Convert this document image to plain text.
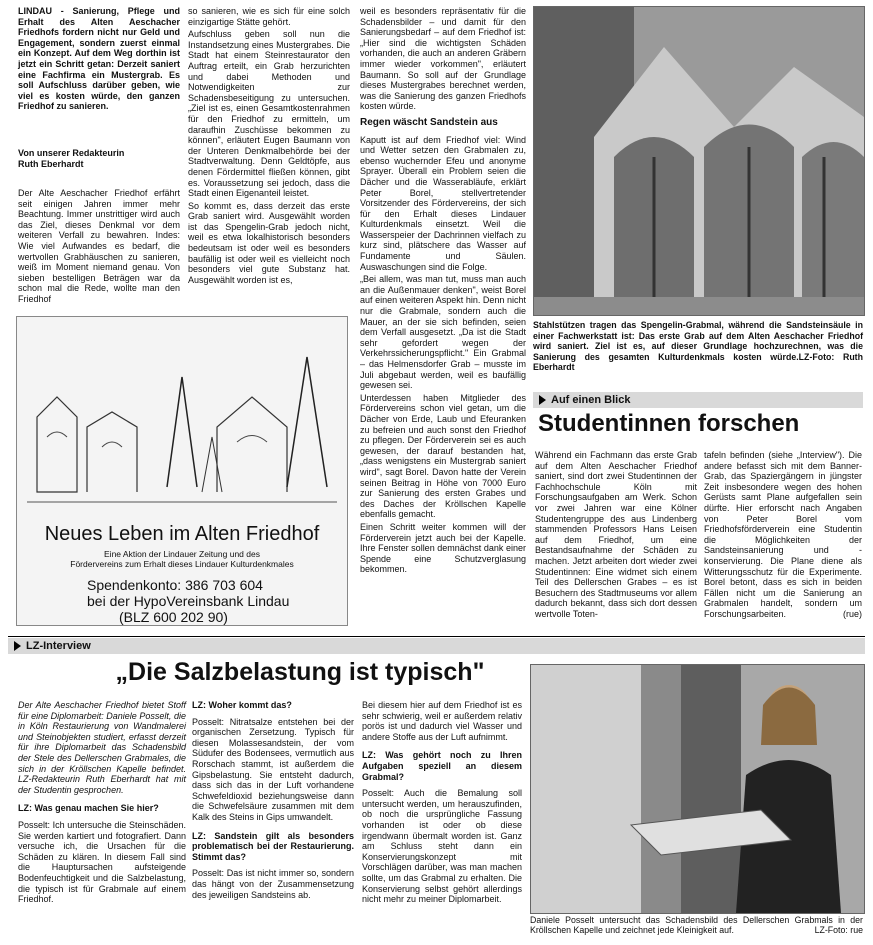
LINDAU - Sanierung, Pflege und Erhalt des Alten Aeschacher Friedhofs fordern nicht nur Geld und Engagement, sondern zuerst einmal ein Konzept. Auf dem Weg dorthin ist jetzt ein Schritt getan: Derzeit saniert eine Fachfirma ein Mustergrab. Es soll Aufschluss darüber geben, wie viel es kosten würde, den ganzen Friedhof zu sanieren.
Von unserer Redakteurin
Ruth Eberhardt
Der Alte Aeschacher Friedhof erfährt seit einigen Jahren immer mehr Beachtung. Immer unstrittiger wird auch das Ziel, dieses Denkmal vor dem weiteren Verfall zu bewahren. Indes: Wie viel Aufwandes es bedarf, die wertvollen Grabhäuschen zu sanieren, weiß im Moment niemand genau. Von sieben bestelligen Beträgen war da schon mal die Rede, wollte man den Friedhof

so sanieren, wie es sich für eine solch einzigartige Stätte gehört.

Aufschluss geben soll nun die Instandsetzung eines Mustergrabes. Die Stadt hat einem Steinrestaurator den Auftrag erteilt, ein Grab herzurichten und dabei Methoden und Notwendigkeiten zur Schadensbeseitigung zu untersuchen. „Ziel ist es, einen Gesamtkostenrahmen für den Friedhof zu ermitteln, um daraufhin Zuschüsse bekommen zu können", erläutert Eugen Baumann von der Unteren Denkmalbehörde bei der Stadtverwaltung. Denn Geldtöpfe, aus denen Fördermittel fließen können, gibt es. Voraussetzung sei jedoch, dass die Stadt einen Eigenanteil leistet.

So kommt es, dass derzeit das erste Grab saniert wird. Ausgewählt worden ist das Spengelin-Grab jedoch nicht, weil es etwa lokalhistorisch besonders bedeutsam ist oder weil es besonders baufällig ist oder weil es vielleicht noch besonders viel gute Substanz hat. Ausgewählt worden ist es,

weil es besonders repräsentativ für die Schadensbilder – und damit für den Sanierungsbedarf – auf dem Friedhof ist: „Hier sind die wichtigsten Schäden vorhanden, die auch an anderen Gräbern immer wieder vorkommen", erläutert Baumann. So soll auf der Grundlage dieses Mustergrabes berechnet werden, was die Sanierung des ganzen Friedhofs kosten würde.

Regen wäscht Sandstein aus

Kaputt ist auf dem Friedhof viel: Wind und Wetter setzen den Grabmalen zu, ebenso wuchernder Efeu und anonyme Sprayer. Überall ein Problem seien die Dächer und die Wasserabläufe, erklärt Peter Borel, stellvertretender Vorsitzender des Fördervereins, der sich für den Erhalt dieses Lindauer Kulturdenkmals einsetzt. Weil die Wasserspeier der Dachrinnen vielfach zu kurz sind, plätschere das Wasser auf Fundamente und Säulen. Auswaschungen sind die Folge.

„Bei allem, was man tut, muss man auch an die Außenmauer denken", weist Borel auf einen weiteren Aspekt hin. Denn nicht nur die Grabmale, sondern auch die Mauer, an der sie sich befinden, seien dem Verfall ausgesetzt. „Da ist die Stadt sehr gefordert wegen der Verkehrssicherungspflicht." Ein Grabmal – das Helmensdorfer Grab – musste im Juli abgebaut werden, weil es baufällig gewesen sei.

Unterdessen haben Mitglieder des Fördervereins schon viel getan, um die Dächer von Erde, Laub und Efeuranken zu befreien und auch sonst den Friedhof zu pflegen. Der Förderverein sei es auch gewesen, der darauf bestanden hat, „dass wenigstens ein Mustergrab saniert wird", sagt Borel. Davon hatte der Verein seinen Beitrag in Höhe von 7000 Euro zur Sanierung des ersten Grabes und des Daches der Kröllschen Kapelle ebenfalls gemacht.

Einen Schritt weiter kommen will der Förderverein jetzt auch bei der Kapelle. Ihre Fenster sollen demnächst dank einer Spende eine Schutzverglasung bekommen.

Neues Leben im Alten Friedhof
Eine Aktion der Lindauer Zeitung und des
Fördervereins zum Erhalt dieses Lindauer Kulturdenkmales
Spendenkonto: 386 703 604
bei der HypoVereinsbank Lindau
(BLZ 600 202 90)
Stahlstützen tragen das Spengelin-Grabmal, während die Sandsteinsäule in einer Fachwerkstatt ist: Das erste Grab auf dem Alten Aeschacher Friedhof wird saniert. Ziel ist es, auf dieser Grundlage hochzurechnen, was die Sanierung des gesamten Kulturdenkmals kosten würde.LZ-Foto: Ruth Eberhardt
Auf einen Blick
Studentinnen forschen
Während ein Fachmann das erste Grab auf dem Alten Aeschacher Friedhof saniert, sind dort zwei Studentinnen der Fachhochschule Köln mit Forschungsaufgaben am Werk. Schon vor zwei Jahren war eine Kölner Studentengruppe des aus Lindenberg stammenden Professors Hans Leisen auf dem Friedhof, um eine Bestandsaufnahme der Schäden zu machen. Jetzt arbeiten dort wieder zwei Studentinnen: Eine widmet sich einem Teil des Dellerschen Grabes – es ist Besuchern des Stadtmuseums vor allem dadurch bekannt, dass sich dort dessen wertvolle Toten-
tafeln befinden (siehe „Interview"). Die andere befasst sich mit dem Banner-Grab, das Spaziergängern in jüngster Zeit insbesondere wegen des hohen Gerüsts samt Plane aufgefallen sein dürfte. Hier erforscht nach Angaben von Peter Borel vom Friedhofsförderverein eine Studentin die Möglichkeiten der Sandsteinsanierung und -konservierung. Die Plane diene als Witterungsschutz für die Experimente. Borel betont, dass es sich in beiden Fällen nicht um die Sanierung an Grabmalen handelt, sondern um Forschungsarbeiten.	(rue)
LZ-Interview
„Die Salzbelastung ist typisch"

Der Alte Aeschacher Friedhof bietet Stoff für eine Diplomarbeit: Daniele Posselt, die in Köln Restaurierung von Wandmalerei und Steinobjekten studiert, erfasst derzeit für ihre Diplomarbeit das Schadensbild der Stele des Dellerschen Grabmales, die sich in der Kröllschen Kapelle befindet. LZ-Redakteurin Ruth Eberhardt hat mit der Studentin gesprochen.

LZ: Was genau machen Sie hier?

Posselt: Ich untersuche die Steinschäden. Sie werden kartiert und fotografiert. Dann versuche ich, die Ursachen für die Schäden zu klären. In diesem Fall sind die Hauptursachen aufsteigende Bodenfeuchtigkeit und die Salzbelastung, die typisch ist für Grabmale auf einem Friedhof.

LZ: Woher kommt das?

Posselt: Nitratsalze entstehen bei der organischen Zersetzung. Typisch für diesen Molassesandstein, der vom Südufer des Bodensees, vermutlich aus Rorschach stammt, ist außerdem die Gipsbelastung. Sie entsteht dadurch, dass sich das in der Luft vorhandene Schwefeldioxid beziehungsweise dann die Schwefelsäure zusammen mit dem Kalk des Steins in Gips umwandelt.

LZ: Sandstein gilt als besonders problematisch bei der Restaurierung. Stimmt das?

Posselt: Das ist nicht immer so, sondern das hängt von der Zusammensetzung des jeweiligen Sandsteins ab.

Bei diesem hier auf dem Friedhof ist es sehr schwierig, weil er außerdem relativ porös ist und dadurch viel Wasser und andere Stoffe aus der Luft aufnimmt.

LZ: Was gehört noch zu Ihren Aufgaben speziell an diesem Grabmal?

Posselt: Auch die Bemalung soll untersucht werden, um herauszufinden, ob noch die ursprüngliche Fassung vorhanden ist oder ob diese irgendwann übermalt worden ist. Ganz am Schluss steht dann ein Konservierungskonzept mit Vorschlägen darüber, was man machen sollte, um das Grabmal zu erhalten. Die Konservierung selbst gehört allerdings nicht mehr zu meiner Diplomarbeit.

Daniele Posselt untersucht das Schadensbild des Dellerschen Grabmals in der Kröllschen Kapelle und zeichnet jede Kleinigkeit auf.	LZ-Foto: rue
